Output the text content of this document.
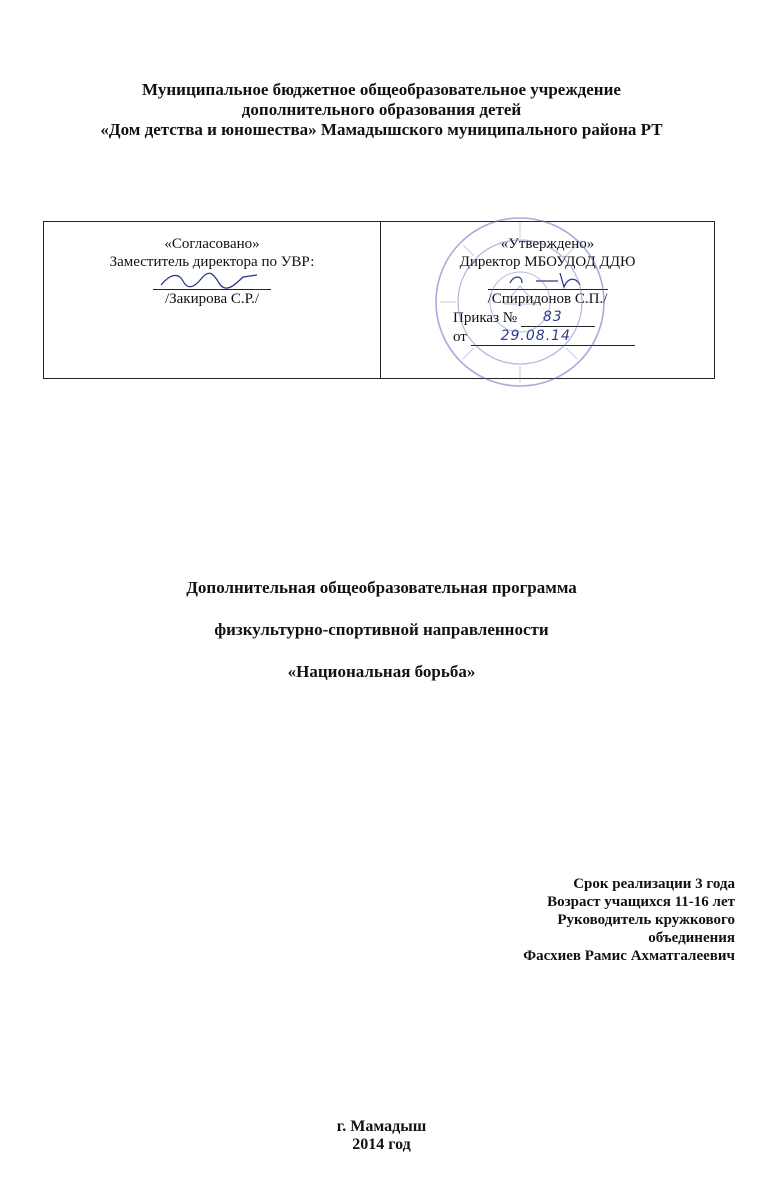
Муниципальное бюджетное общеобразовательное учреждение
дополнительного образования детей
«Дом детства и юношества» Мамадышского муниципального района РТ
«Согласовано»
Заместитель директора по УВР:
/Закирова С.Р./
«Утверждено»
Директор МБОУДОД ДДЮ
/Спиридонов С.П./
Приказ № 83
от 29.08.14
Дополнительная общеобразовательная программа
физкультурно-спортивной направленности
«Национальная борьба»
Срок реализации 3 года
Возраст учащихся 11-16 лет
Руководитель кружкового
объединения
Фасхиев Рамис Ахматгалеевич
г. Мамадыш
2014 год
